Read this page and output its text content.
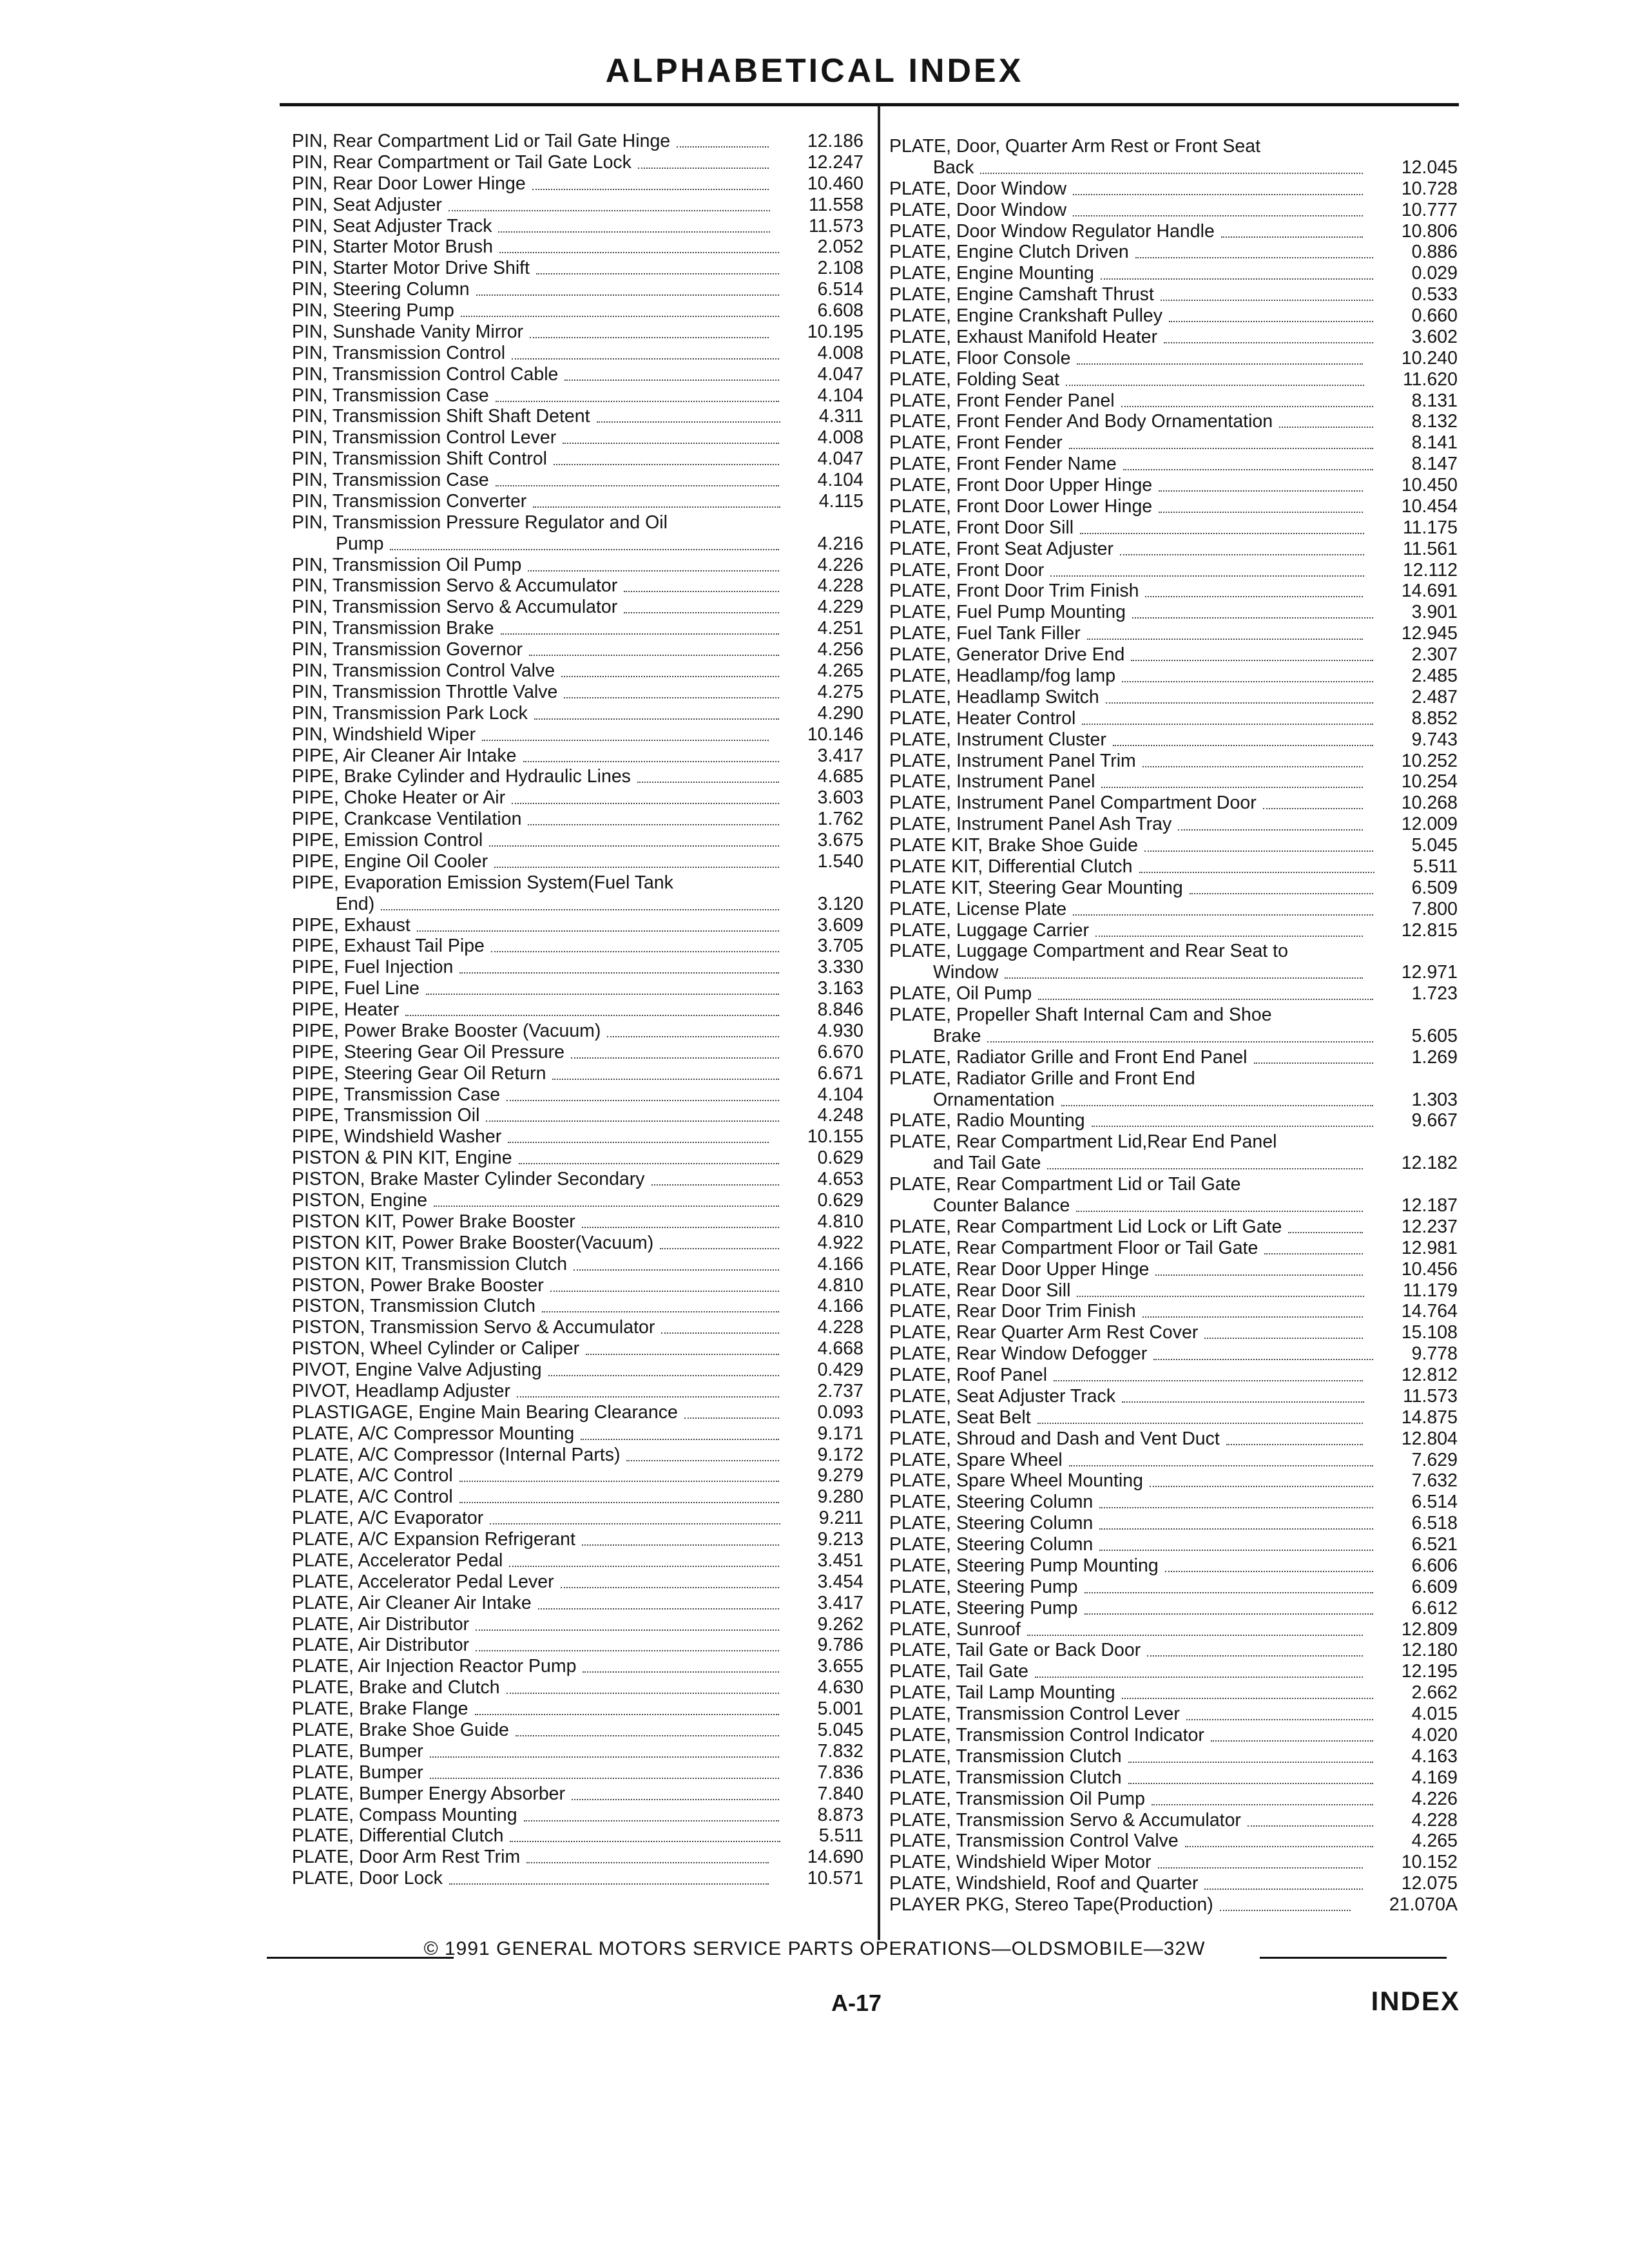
ALPHABETICAL INDEX
PIN, Rear Compartment Lid or Tail Gate Hinge	12.186
PIN, Rear Compartment or Tail Gate Lock	12.247
PIN, Rear Door Lower Hinge	10.460
PIN, Seat Adjuster	11.558
PIN, Seat Adjuster Track	11.573
PIN, Starter Motor Brush	2.052
PIN, Starter Motor Drive Shift	2.108
PIN, Steering Column	6.514
PIN, Steering Pump	6.608
PIN, Sunshade Vanity Mirror	10.195
PIN, Transmission Control	4.008
PIN, Transmission Control Cable	4.047
PIN, Transmission Case	4.104
PIN, Transmission Shift Shaft Detent	4.311
PIN, Transmission Control Lever	4.008
PIN, Transmission Shift Control	4.047
PIN, Transmission Case	4.104
PIN, Transmission Converter	4.115
PIN, Transmission Pressure Regulator and Oil
Pump	4.216
PIN, Transmission Oil Pump	4.226
PIN, Transmission Servo & Accumulator	4.228
PIN, Transmission Servo & Accumulator	4.229
PIN, Transmission Brake	4.251
PIN, Transmission Governor	4.256
PIN, Transmission Control Valve	4.265
PIN, Transmission Throttle Valve	4.275
PIN, Transmission Park Lock	4.290
PIN, Windshield Wiper	10.146
PIPE, Air Cleaner Air Intake	3.417
PIPE, Brake Cylinder and Hydraulic Lines	4.685
PIPE, Choke Heater or Air	3.603
PIPE, Crankcase Ventilation	1.762
PIPE, Emission Control	3.675
PIPE, Engine Oil Cooler	1.540
PIPE, Evaporation Emission System(Fuel Tank
End)	3.120
PIPE, Exhaust	3.609
PIPE, Exhaust Tail Pipe	3.705
PIPE, Fuel Injection	3.330
PIPE, Fuel Line	3.163
PIPE, Heater	8.846
PIPE, Power Brake Booster (Vacuum)	4.930
PIPE, Steering Gear Oil Pressure	6.670
PIPE, Steering Gear Oil Return	6.671
PIPE, Transmission Case	4.104
PIPE, Transmission Oil	4.248
PIPE, Windshield Washer	10.155
PISTON & PIN KIT, Engine	0.629
PISTON, Brake Master Cylinder Secondary	4.653
PISTON, Engine	0.629
PISTON KIT, Power Brake Booster	4.810
PISTON KIT, Power Brake Booster(Vacuum)	4.922
PISTON KIT, Transmission Clutch	4.166
PISTON, Power Brake Booster	4.810
PISTON, Transmission Clutch	4.166
PISTON, Transmission Servo & Accumulator	4.228
PISTON, Wheel Cylinder or Caliper	4.668
PIVOT, Engine Valve Adjusting	0.429
PIVOT, Headlamp Adjuster	2.737
PLASTIGAGE, Engine Main Bearing Clearance	0.093
PLATE, A/C Compressor Mounting	9.171
PLATE, A/C Compressor (Internal Parts)	9.172
PLATE, A/C Control	9.279
PLATE, A/C Control	9.280
PLATE, A/C Evaporator	9.211
PLATE, A/C Expansion Refrigerant	9.213
PLATE, Accelerator Pedal	3.451
PLATE, Accelerator Pedal Lever	3.454
PLATE, Air Cleaner Air Intake	3.417
PLATE, Air Distributor	9.262
PLATE, Air Distributor	9.786
PLATE, Air Injection Reactor Pump	3.655
PLATE, Brake and Clutch	4.630
PLATE, Brake Flange	5.001
PLATE, Brake Shoe Guide	5.045
PLATE, Bumper	7.832
PLATE, Bumper	7.836
PLATE, Bumper Energy Absorber	7.840
PLATE, Compass Mounting	8.873
PLATE, Differential Clutch	5.511
PLATE, Door Arm Rest Trim	14.690
PLATE, Door Lock	10.571
PLATE, Door, Quarter Arm Rest or Front Seat
Back	12.045
PLATE, Door Window	10.728
PLATE, Door Window	10.777
PLATE, Door Window Regulator Handle	10.806
PLATE, Engine Clutch Driven	0.886
PLATE, Engine Mounting	0.029
PLATE, Engine Camshaft Thrust	0.533
PLATE, Engine Crankshaft Pulley	0.660
PLATE, Exhaust Manifold Heater	3.602
PLATE, Floor Console	10.240
PLATE, Folding Seat	11.620
PLATE, Front Fender Panel	8.131
PLATE, Front Fender And Body Ornamentation	8.132
PLATE, Front Fender	8.141
PLATE, Front Fender Name	8.147
PLATE, Front Door Upper Hinge	10.450
PLATE, Front Door Lower Hinge	10.454
PLATE, Front Door Sill	11.175
PLATE, Front Seat Adjuster	11.561
PLATE, Front Door	12.112
PLATE, Front Door Trim Finish	14.691
PLATE, Fuel Pump Mounting	3.901
PLATE, Fuel Tank Filler	12.945
PLATE, Generator Drive End	2.307
PLATE, Headlamp/fog lamp	2.485
PLATE, Headlamp Switch	2.487
PLATE, Heater Control	8.852
PLATE, Instrument Cluster	9.743
PLATE, Instrument Panel Trim	10.252
PLATE, Instrument Panel	10.254
PLATE, Instrument Panel Compartment Door	10.268
PLATE, Instrument Panel Ash Tray	12.009
PLATE KIT, Brake Shoe Guide	5.045
PLATE KIT, Differential Clutch	5.511
PLATE KIT, Steering Gear Mounting	6.509
PLATE, License Plate	7.800
PLATE, Luggage Carrier	12.815
PLATE, Luggage Compartment and Rear Seat to
Window	12.971
PLATE, Oil Pump	1.723
PLATE, Propeller Shaft Internal Cam and Shoe
Brake	5.605
PLATE, Radiator Grille and Front End Panel	1.269
PLATE, Radiator Grille and Front End
Ornamentation	1.303
PLATE, Radio Mounting	9.667
PLATE, Rear Compartment Lid,Rear End Panel
and Tail Gate	12.182
PLATE, Rear Compartment Lid or Tail Gate
Counter Balance	12.187
PLATE, Rear Compartment Lid Lock or Lift Gate	12.237
PLATE, Rear Compartment Floor or Tail Gate	12.981
PLATE, Rear Door Upper Hinge	10.456
PLATE, Rear Door Sill	11.179
PLATE, Rear Door Trim Finish	14.764
PLATE, Rear Quarter Arm Rest Cover	15.108
PLATE, Rear Window Defogger	9.778
PLATE, Roof Panel	12.812
PLATE, Seat Adjuster Track	11.573
PLATE, Seat Belt	14.875
PLATE, Shroud and Dash and Vent Duct	12.804
PLATE, Spare Wheel	7.629
PLATE, Spare Wheel Mounting	7.632
PLATE, Steering Column	6.514
PLATE, Steering Column	6.518
PLATE, Steering Column	6.521
PLATE, Steering Pump Mounting	6.606
PLATE, Steering Pump	6.609
PLATE, Steering Pump	6.612
PLATE, Sunroof	12.809
PLATE, Tail Gate or Back Door	12.180
PLATE, Tail Gate	12.195
PLATE, Tail Lamp Mounting	2.662
PLATE, Transmission Control Lever	4.015
PLATE, Transmission Control Indicator	4.020
PLATE, Transmission Clutch	4.163
PLATE, Transmission Clutch	4.169
PLATE, Transmission Oil Pump	4.226
PLATE, Transmission Servo & Accumulator	4.228
PLATE, Transmission Control Valve	4.265
PLATE, Windshield Wiper Motor	10.152
PLATE, Windshield, Roof and Quarter	12.075
PLAYER PKG, Stereo Tape(Production)	21.070A
© 1991 GENERAL MOTORS SERVICE PARTS OPERATIONS—OLDSMOBILE—32W
A-17	INDEX
